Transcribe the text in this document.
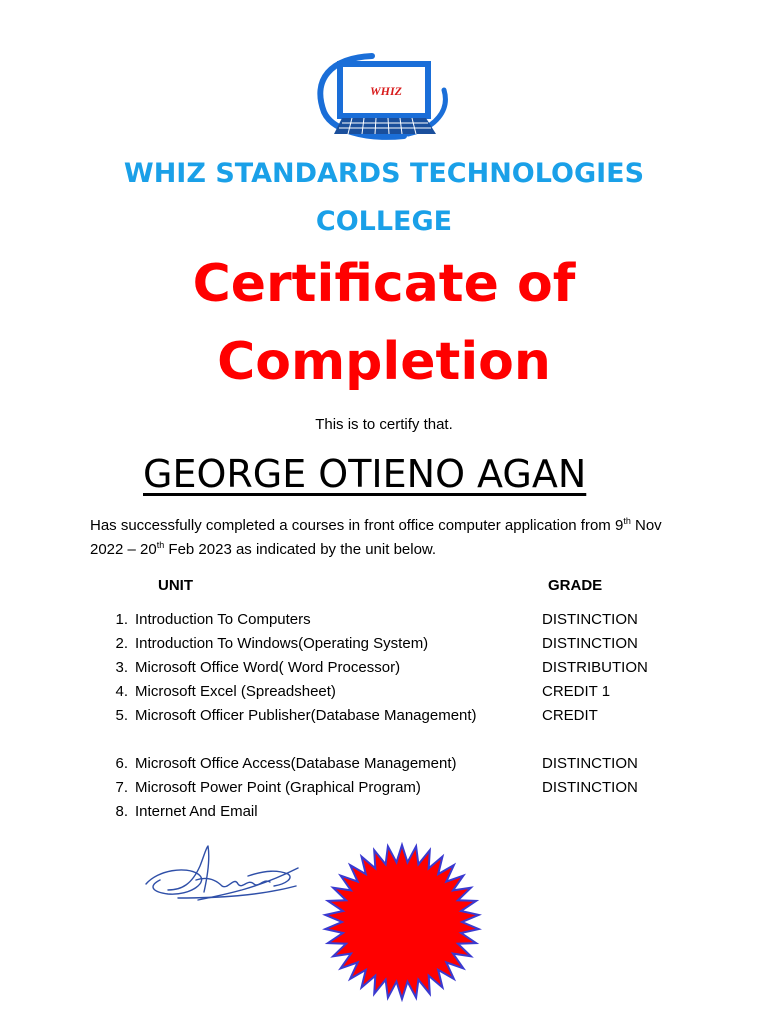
WHIZ
WHIZ STANDARDS TECHNOLOGIES
COLLEGE
Certificate of
Completion
This is to certify that.
GEORGE OTIENO AGAN
Has successfully completed a courses in front office computer application from 9th Nov 2022 – 20th Feb 2023 as indicated by the unit below.
UNIT	GRADE
1. Introduction To Computers	DISTINCTION
2. Introduction To Windows(Operating System)	DISTINCTION
3. Microsoft Office Word( Word Processor)	DISTRIBUTION
4. Microsoft Excel (Spreadsheet)	CREDIT 1
5. Microsoft Officer Publisher(Database Management)	CREDIT
6. Microsoft Office Access(Database Management)	DISTINCTION
7. Microsoft Power Point (Graphical Program)	DISTINCTION
8. Internet And Email
